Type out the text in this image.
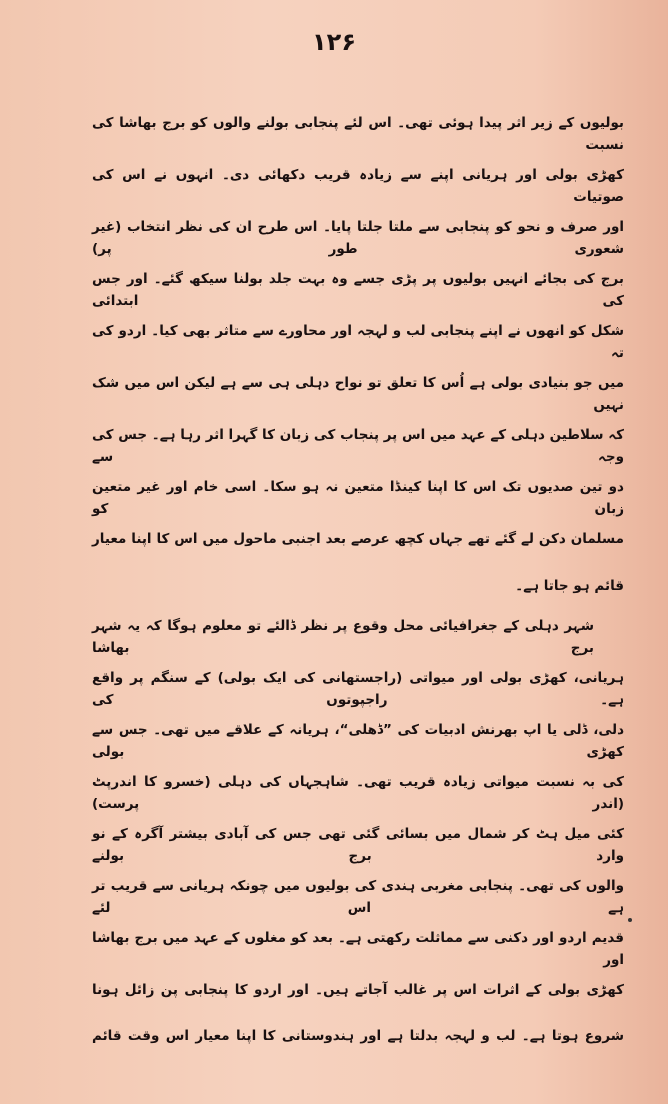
۱۲۶
بولیوں کے زیر اثر پیدا ہوئی تھی۔ اس لئے پنجابی بولنے والوں کو برج بھاشا کی نسبت
کھڑی بولی اور ہریانی اپنے سے زیادہ قریب دکھائی دی۔ انہوں نے اس کی صوتیات
اور صرف و نحو کو پنجابی سے ملتا جلتا پایا۔ اس طرح ان کی نظر انتخاب (غیر شعوری طور پر)
برج کی بجائے انہیں بولیوں پر پڑی جسے وہ بہت جلد بولنا سیکھ گئے۔ اور جس کی ابتدائی
شکل کو انھوں نے اپنے پنجابی لب و لہجہ اور محاورے سے متاثر بھی کیا۔ اردو کی تہ
میں جو بنیادی بولی ہے اُس کا تعلق تو نواح دہلی ہی سے ہے لیکن اس میں شک نہیں
کہ سلاطین دہلی کے عہد میں اس پر پنجاب کی زبان کا گہرا اثر رہا ہے۔ جس کی وجہ سے
دو تین صدیوں تک اس کا اپنا کینڈا متعین نہ ہو سکا۔ اسی خام اور غیر متعین زبان کو
مسلمان دکن لے گئے تھے جہاں کچھ عرصے بعد اجنبی ماحول میں اس کا اپنا معیار
قائم ہو جاتا ہے۔
شہر دہلی کے جغرافیائی محل وقوع پر نظر ڈالئے تو معلوم ہوگا کہ یہ شہر برج بھاشا
ہریانی، کھڑی بولی اور میواتی (راجستھانی کی ایک بولی) کے سنگم پر واقع ہے۔ راجپوتوں کی
دلی، ڈلی یا اپ بھرنش ادبیات کی ”ڈھلی“، ہریانہ کے علاقے میں تھی۔ جس سے کھڑی بولی
کی بہ نسبت میواتی زیادہ قریب تھی۔ شاہجہاں کی دہلی (خسرو کا اندرپٹ (اندر پرست)
کئی میل ہٹ کر شمال میں بسائی گئی تھی جس کی آبادی بیشتر آگرہ کے نو وارد برج بولنے
والوں کی تھی۔ پنجابی مغربی ہندی کی بولیوں میں چونکہ ہریانی سے قریب تر ہے اس لئے
قدیم اردو اور دکنی سے مماثلت رکھتی ہے۔ بعد کو مغلوں کے عہد میں برج بھاشا اور
کھڑی بولی کے اثرات اس پر غالب آجاتے ہیں۔ اور اردو کا پنجابی پن زائل ہونا
شروع ہوتا ہے۔ لب و لہجہ بدلتا ہے اور ہندوستانی کا اپنا معیار اس وقت قائم
